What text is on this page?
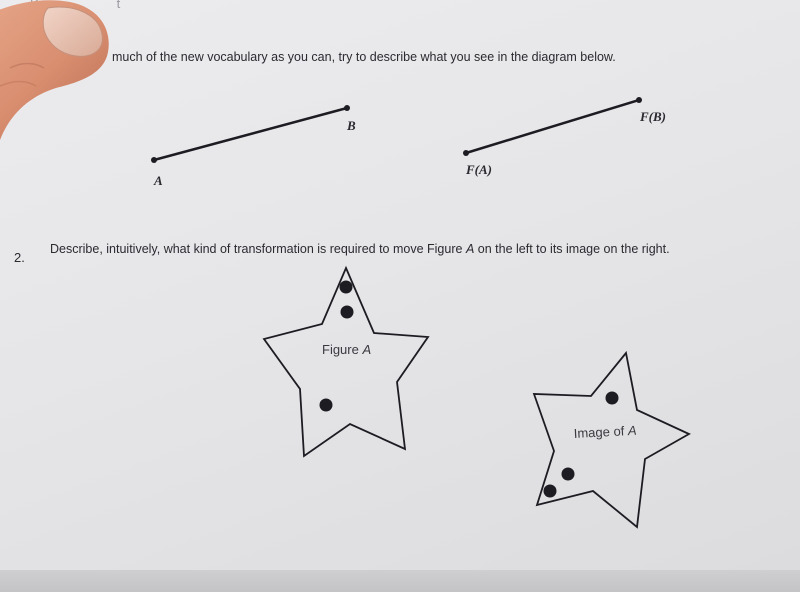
t
much of the new vocabulary as you can, try to describe what you see in the diagram below.
A
B
F(A)
F(B)
Figure A
Image of A
2.
Describe, intuitively, what kind of transformation is required to move Figure A on the left to its image on the right.
